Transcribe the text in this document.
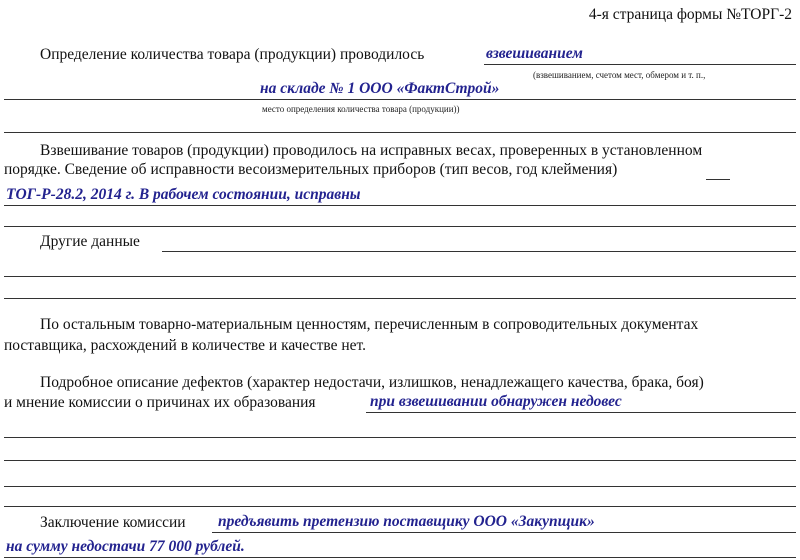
4-я страница формы №ТОРГ-2
Определение количества товара (продукции) проводилось	взвешиванием
(взвешиванием, счетом мест, обмером и т. п.,
на складе № 1 ООО «ФактСтрой»
место определения количества товара (продукции))
Взвешивание товаров (продукции) проводилось на исправных весах, проверенных в установленном
порядке. Сведение об исправности весоизмерительных приборов (тип весов, год клеймения)
ТОГ-Р-28.2, 2014 г. В рабочем состоянии, исправны
Другие данные
По остальным товарно-материальным ценностям, перечисленным в сопроводительных документах
поставщика, расхождений в количестве и качестве нет.
Подробное описание дефектов (характер недостачи, излишков, ненадлежащего качества, брака, боя)
и мнение комиссии о причинах их образования	при взвешивании обнаружен недовес
Заключение комиссии предъявить претензию поставщику ООО «Закупщик»
на сумму недостачи 77 000 рублей.
